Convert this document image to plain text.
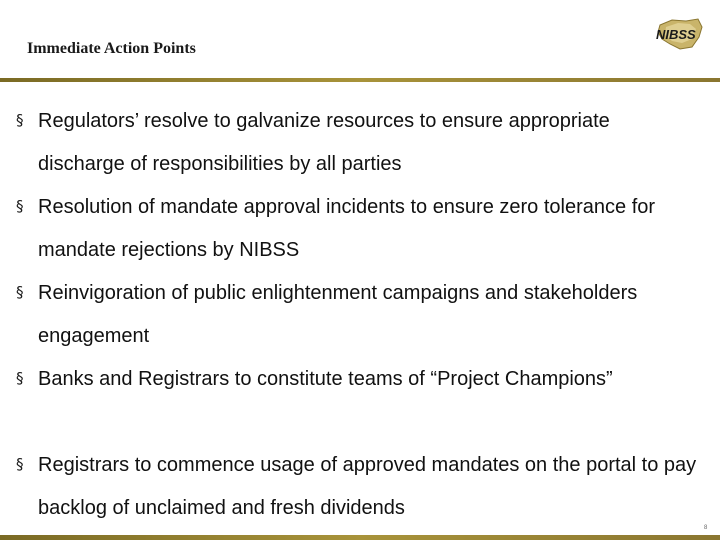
Immediate Action Points
NIBSS
§ Regulators’ resolve to galvanize resources to ensure appropriate discharge of responsibilities by all parties
§ Resolution of mandate approval incidents to ensure zero tolerance for mandate rejections by NIBSS
§ Reinvigoration of public enlightenment campaigns and stakeholders engagement
§ Banks and Registrars to constitute teams of “Project Champions”
§ Registrars to commence usage of approved mandates on the portal to pay backlog of unclaimed and fresh dividends
8
